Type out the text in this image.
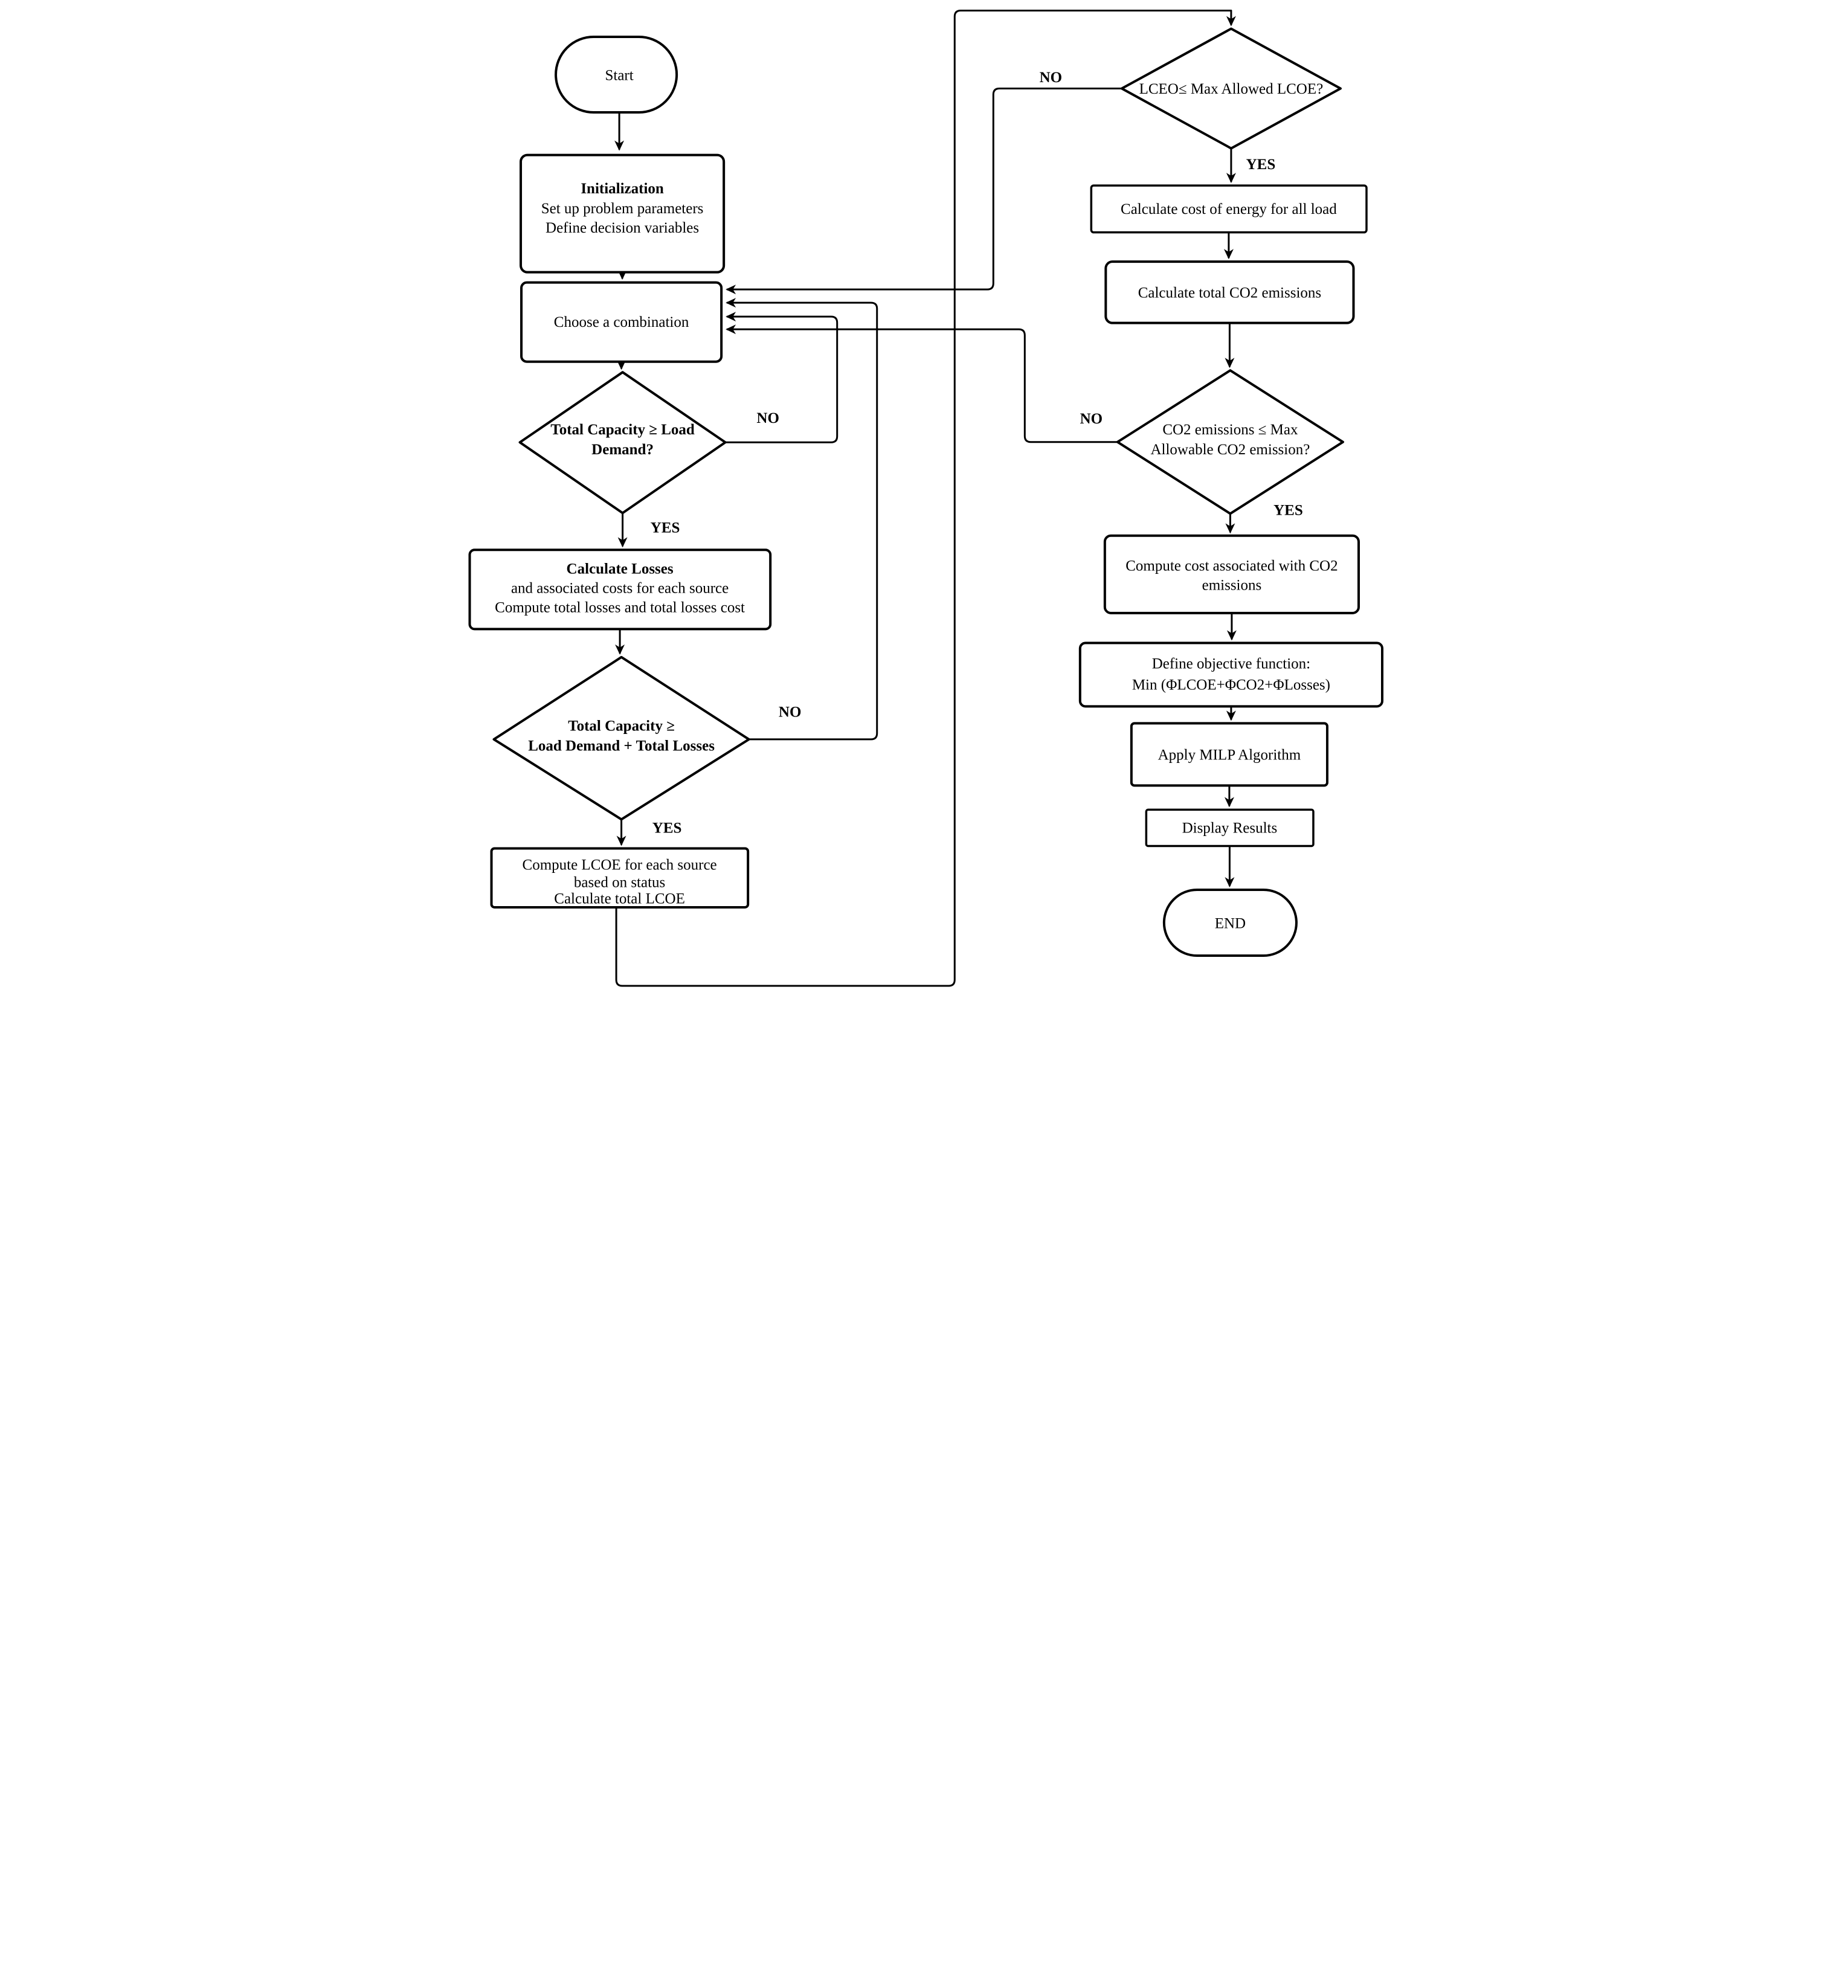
Start
Initialization
Set up problem parameters
Define decision variables
Choose a combination
Total Capacity ≥ Load
Demand?
Calculate Losses
and associated costs for each source
Compute total losses and total losses cost
Total Capacity ≥
Load Demand + Total Losses
Compute LCOE for each source
based on status
Calculate total LCOE
LCEO≤ Max Allowed LCOE?
Calculate cost of energy for all load
Calculate total CO2 emissions
CO2 emissions ≤ Max
Allowable CO2 emission?
Compute cost associated with CO2
emissions
Define objective function:
Min (ΦLCOE+ΦCO2+ΦLosses)
Apply MILP Algorithm
Display Results
END
YES
NO
YES
NO
YES
NO
YES
NO
